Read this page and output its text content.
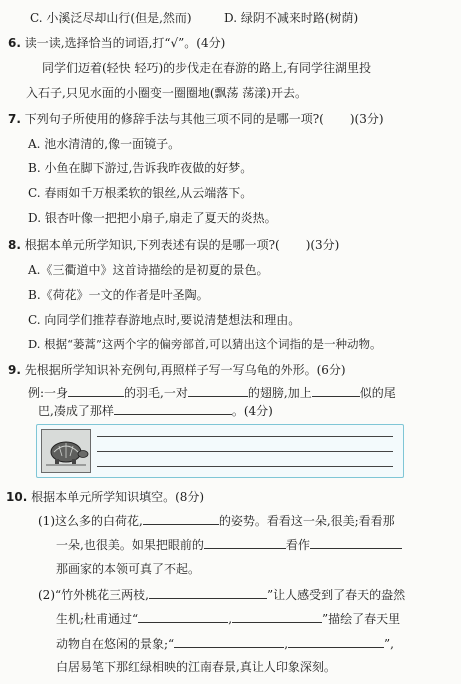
C. 小溪泛尽却山行(但是,然而)	D. 绿阴不减来时路(树荫)
6. 读一读,选择恰当的词语,打“√”。(4分)
同学们迈着(轻快 轻巧)的步伐走在春游的路上,有同学往湖里投
入石子,只见水面的小圈变一圈圈地(飘荡 荡漾)开去。
7. 下列句子所使用的修辞手法与其他三项不同的是哪一项?( )(3分)
A. 池水清清的,像一面镜子。
B. 小鱼在脚下游过,告诉我昨夜做的好梦。
C. 春雨如千万根柔软的银丝,从云端落下。
D. 银杏叶像一把把小扇子,扇走了夏天的炎热。
8. 根据本单元所学知识,下列表述有误的是哪一项?( )(3分)
A.《三衢道中》这首诗描绘的是初夏的景色。
B.《荷花》一文的作者是叶圣陶。
C. 向同学们推荐春游地点时,要说清楚想法和理由。
D. 根据“蒌蒿”这两个字的偏旁部首,可以猜出这个词指的是一种动物。
9. 先根据所学知识补充例句,再照样子写一写乌龟的外形。(6分)
例:一身	的羽毛,一对	的翅膀,加上	似的尾
巴,凑成了那样	。(4分)
10. 根据本单元所学知识填空。(8分)
(1)这么多的白荷花,	的姿势。看看这一朵,很美;看看那
一朵,也很美。如果把眼前的	看作
那画家的本领可真了不起。
(2)“竹外桃花三两枝,	”让人感受到了春天的盎然
生机;杜甫通过“	,	”描绘了春天里
动物自在悠闲的景象;“	,	”,
白居易笔下那红绿相映的江南春景,真让人印象深刻。
